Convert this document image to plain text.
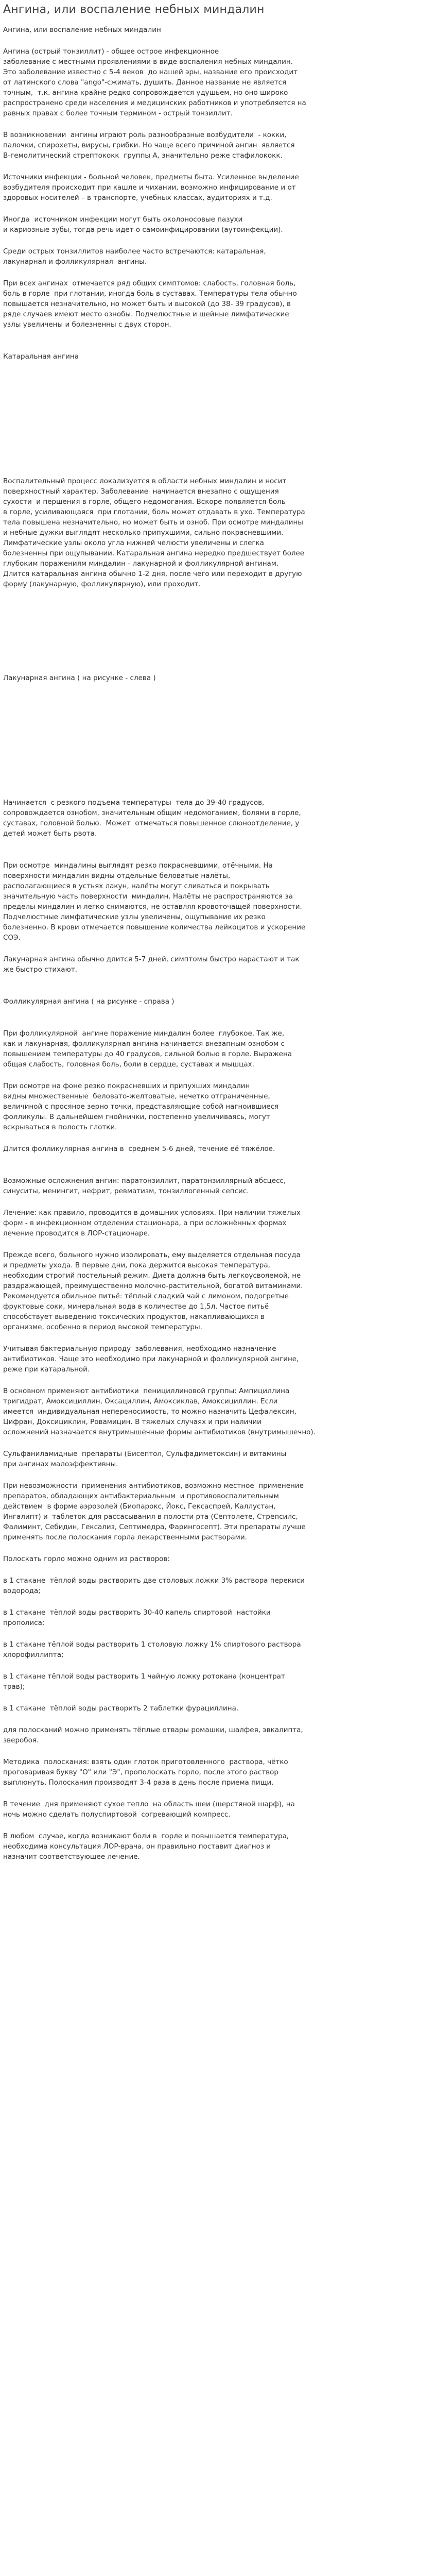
Ангина, или воспаление небных миндалин
Ангина, или воспаление небных миндалин

Ангина (острый тонзиллит) - общее острое инфекционное
заболевание с местными проявлениями в виде воспаления небных миндалин.
Это заболевание известно с 5-4 веков  до нашей эры, название его происходит
от латинского слова "ango"-сжимать, душить. Данное название не является
точным,  т.к. ангина крайне редко сопровождается удушьем, но оно широко
распространено среди населения и медицинских работников и употребляется на
равных правах с более точным термином - острый тонзиллит.

В возникновении  ангины играют роль разнообразные возбудители  - кокки,
палочки, спирохеты, вирусы, грибки. Но чаще всего причиной ангин  является
В-гемолитический стрептококк  группы А, значительно реже стафилококк.

Источники инфекции - больной человек, предметы быта. Усиленное выделение
возбудителя происходит при кашле и чихании, возможно инфицирование и от
здоровых носителей – в транспорте, учебных классах, аудиториях и т.д.

Иногда  источником инфекции могут быть околоносовые пазухи
и кариозные зубы, тогда речь идет о самоинфицировании (аутоинфекции).

Среди острых тонзиллитов наиболее часто встречаются: катаральная,
лакунарная и фолликулярная  ангины.

При всех ангинах  отмечается ряд общих симптомов: слабость, головная боль,
боль в горле  при глотании, иногда боль в суставах. Температуры тела обычно
повышается незначительно, но может быть и высокой (до 38- 39 градусов), в
ряде случаев имеют место ознобы. Подчелюстные и шейные лимфатические
узлы увеличены и болезненны с двух сторон.

Катаральная ангина

Воспалительный процесс локализуется в области небных миндалин и носит
поверхностный характер. Заболевание  начинается внезапно с ощущения
сухости  и першения в горле, общего недомогания. Вскоре появляется боль
в горле, усиливающаяся  при глотании, боль может отдавать в ухо. Температура
тела повышена незначительно, но может быть и озноб. При осмотре миндалины
и небные дужки выглядят несколько припухшими, сильно покрасневшими.
Лимфатические узлы около угла нижней челюсти увеличены и слегка
болезненны при ощупывании. Катаральная ангина нередко предшествует более
глубоким поражениям миндалин - лакунарной и фолликулярной ангинам.
Длится катаральная ангина обычно 1-2 дня, после чего или переходит в другую
форму (лакунарную, фолликулярную), или проходит.

Лакунарная ангина ( на рисунке - слева )

Начинается  с резкого подъема температуры  тела до 39-40 градусов,
сопровождается ознобом, значительным общим недомоганием, болями в горле,
суставах, головной болью.  Может  отмечаться повышенное слюноотделение, у
детей может быть рвота.

При осмотре  миндалины выглядят резко покрасневшими, отёчными. На
поверхности миндалин видны отдельные беловатые налёты,
располагающиеся в устьях лакун, налёты могут сливаться и покрывать
значительную часть поверхности  миндалин. Налёты не распространяются за
пределы миндалин и легко снимаются, не оставляя кровоточащей поверхности.
Подчелюстные лимфатические узлы увеличены, ощупывание их резко
болезненно. В крови отмечается повышение количества лейкоцитов и ускорение
СОЭ.

Лакунарная ангина обычно длится 5-7 дней, симптомы быстро нарастают и так
же быстро стихают.

Фолликулярная ангина ( на рисунке - справа )

При фолликулярной  ангине поражение миндалин более  глубокое. Так же,
как и лакунарная, фолликулярная ангина начинается внезапным ознобом с
повышением температуры до 40 градусов, сильной болью в горле. Выражена
общая слабость, головная боль, боли в сердце, суставах и мышцах.

При осмотре на фоне резко покрасневших и припухших миндалин
видны множественные  беловато-желтоватые, нечетко отграниченные,
величиной с просяное зерно точки, представляющие собой нагноившиеся
фолликулы. В дальнейшем гнойнички, постепенно увеличиваясь, могут
вскрываться в полость глотки.

Длится фолликулярная ангина в  среднем 5-6 дней, течение её тяжёлое.

Возможные осложнения ангин: паратонзиллит, паратонзиллярный абсцесс,
синуситы, менингит, нефрит, ревматизм, тонзиллогенный сепсис.

Лечение: как правило, проводится в домашних условиях. При наличии тяжелых
форм - в инфекционном отделении стационара, а при осложнённых формах
лечение проводится в ЛОР-стационаре.

Прежде всего, больного нужно изолировать, ему выделяется отдельная посуда
и предметы ухода. В первые дни, пока держится высокая температура,
необходим строгий постельный режим. Диета должна быть легкоусвояемой, не
раздражающей, преимущественно молочно-растительной, богатой витаминами.
Рекомендуется обильное питьё: тёплый сладкий чай с лимоном, подогретые
фруктовые соки, минеральная вода в количестве до 1,5л. Частое питьё
способствует выведению токсических продуктов, накапливающихся в
организме, особенно в период высокой температуры.

Учитывая бактериальную природу  заболевания, необходимо назначение
антибиотиков. Чаще это необходимо при лакунарной и фолликулярной ангине,
реже при катаральной.

В основном применяют антибиотики  пенициллиновой группы: Ампициллина
тригидрат, Амоксициллин, Оксациллин, Амоксиклав, Амоксициллин. Если
имеется  индивидуальная непереносимость, то можно назначить Цефалексин,
Цифран, Доксициклин, Ровамицин. В тяжелых случаях и при наличии
осложнений назначается внутримышечные формы антибиотиков (внутримышечно).

Сульфаниламидные  препараты (Бисептол, Сульфадиметоксин) и витамины
при ангинах малоэффективны.

При невозможности  применения антибиотиков, возможно местное  применение
препаратов, обладающих антибактериальным  и противовоспалительным
действием  в форме аэрозолей (Биопарокс, Йокс, Гексаспрей, Каллустан,
Ингалипт) и  таблеток для рассасывания в полости рта (Септолете, Стрепсилс,
Фалиминт, Себидин, Гексализ, Септимедра, Фарингосепт). Эти препараты лучше
применять после полоскания горла лекарственными растворами.

Полоскать горло можно одним из растворов:

в 1 стакане  тёплой воды растворить две столовых ложки 3% раствора перекиси
водорода;

в 1 стакане  тёплой воды растворить 30-40 капель спиртовой  настойки
прополиса;

в 1 стакане тёплой воды растворить 1 столовую ложку 1% спиртового раствора
хлорофиллипта;

в 1 стакане тёплой воды растворить 1 чайную ложку ротокана (концентрат
трав);

в 1 стакане  тёплой воды растворить 2 таблетки фурациллина.

для полосканий можно применять тёплые отвары ромашки, шалфея, эвкалипта,
зверобоя.

Методика  полоскания: взять один глоток приготовленного  раствора, чётко
проговаривая букву "О" или "Э", прополоскать горло, после этого раствор
выплюнуть. Полоскания производят 3-4 раза в день после приема пищи.

В течение  дня применяют сухое тепло  на область шеи (шерстяной шарф), на
ночь можно сделать полуспиртовой  согревающий компресс.

В любом  случае, когда возникают боли в  горле и повышается температура,
необходима консультация ЛОР-врача, он правильно поставит диагноз и
назначит соответствующее лечение.
